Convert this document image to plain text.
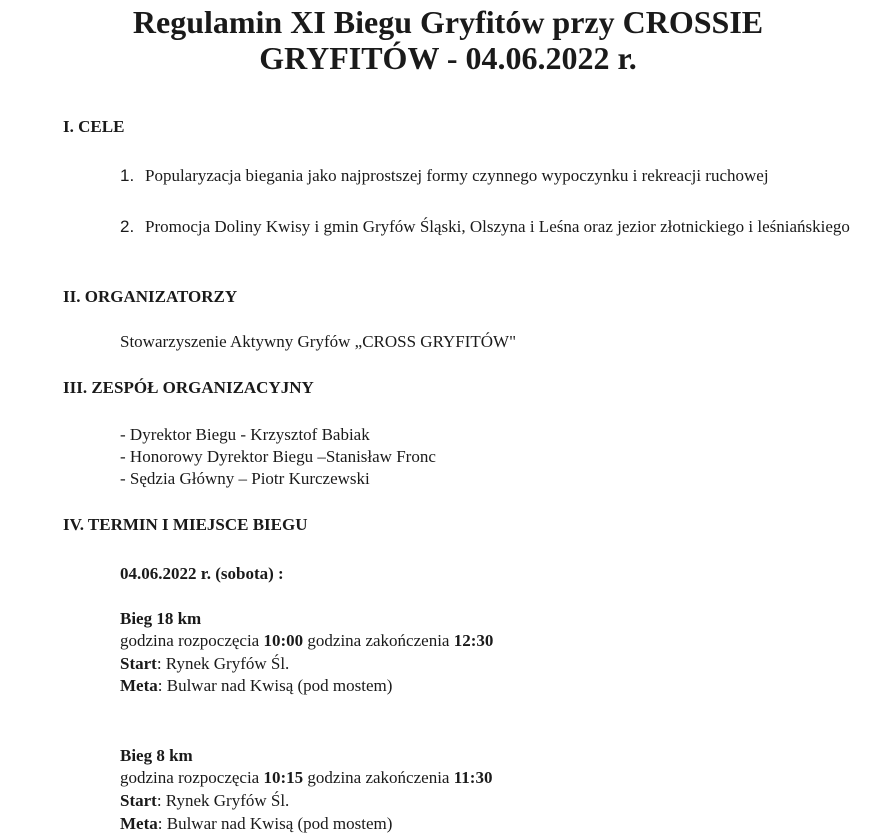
Regulamin XI Biegu Gryfitów przy CROSSIE
GRYFITÓW - 04.06.2022 r.
I. CELE
1. Popularyzacja biegania jako najprostszej formy czynnego wypoczynku i rekreacji ruchowej
2. Promocja Doliny Kwisy i gmin Gryfów Śląski, Olszyna i Leśna oraz jezior złotnickiego i leśniańskiego
II. ORGANIZATORZY
Stowarzyszenie Aktywny Gryfów „CROSS GRYFITÓW"
III. ZESPÓŁ ORGANIZACYJNY
- Dyrektor Biegu - Krzysztof Babiak
- Honorowy Dyrektor Biegu –Stanisław Fronc
- Sędzia Główny – Piotr Kurczewski
IV. TERMIN I MIEJSCE BIEGU
04.06.2022 r. (sobota) :
Bieg 18 km
godzina rozpoczęcia 10:00 godzina zakończenia 12:30
Start: Rynek Gryfów Śl.
Meta: Bulwar nad Kwisą (pod mostem)
Bieg 8 km
godzina rozpoczęcia 10:15 godzina zakończenia 11:30
Start: Rynek Gryfów Śl.
Meta: Bulwar nad Kwisą (pod mostem)
